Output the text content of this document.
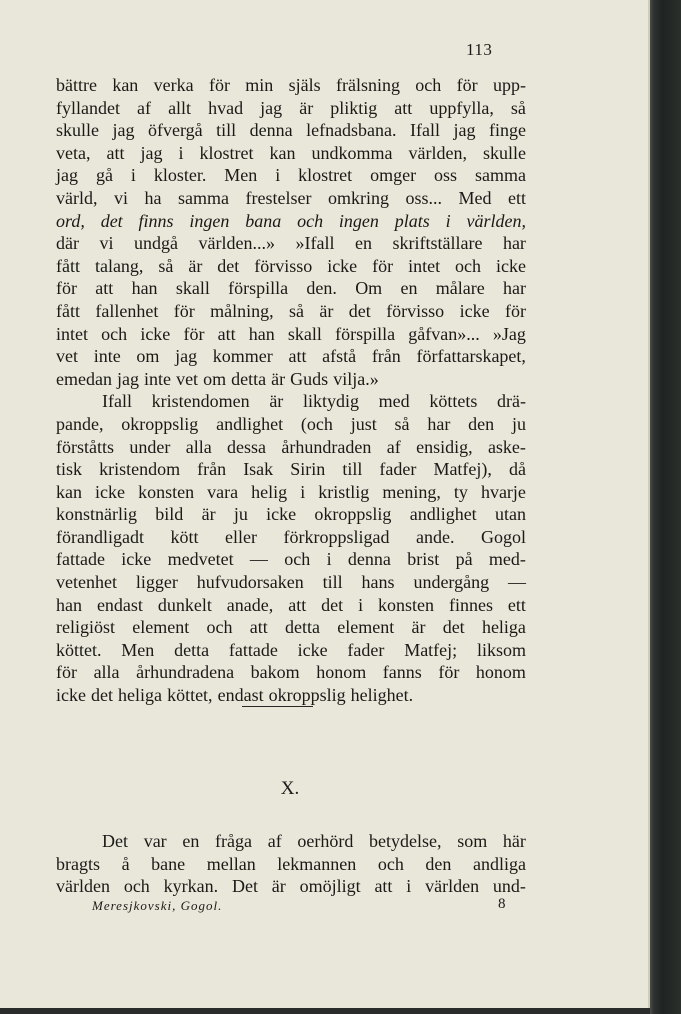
113
bättre kan verka för min själs frälsning och för upp-
fyllandet af allt hvad jag är pliktig att uppfylla, så
skulle jag öfvergå till denna lefnadsbana. Ifall jag finge
veta, att jag i klostret kan undkomma världen, skulle
jag gå i kloster. Men i klostret omger oss samma
värld, vi ha samma frestelser omkring oss... Med ett
ord, det finns ingen bana och ingen plats i världen,
där vi undgå världen...» »Ifall en skriftställare har
fått talang, så är det förvisso icke för intet och icke
för att han skall förspilla den. Om en målare har
fått fallenhet för målning, så är det förvisso icke för
intet och icke för att han skall förspilla gåfvan»... »Jag
vet inte om jag kommer att afstå från författarskapet,
emedan jag inte vet om detta är Guds vilja.»
Ifall kristendomen är liktydig med köttets drä-
pande, okroppslig andlighet (och just så har den ju
förståtts under alla dessa århundraden af ensidig, aske-
tisk kristendom från Isak Sirin till fader Matfej), då
kan icke konsten vara helig i kristlig mening, ty hvarje
konstnärlig bild är ju icke okroppslig andlighet utan
förandligadt kött eller förkroppsligad ande. Gogol
fattade icke medvetet — och i denna brist på med-
vetenhet ligger hufvudorsaken till hans undergång —
han endast dunkelt anade, att det i konsten finnes ett
religiöst element och att detta element är det heliga
köttet. Men detta fattade icke fader Matfej; liksom
för alla århundradena bakom honom fanns för honom
icke det heliga köttet, endast okroppslig helighet.
X.
Det var en fråga af oerhörd betydelse, som här
bragts å bane mellan lekmannen och den andliga
världen och kyrkan. Det är omöjligt att i världen und-
Meresjkovski, Gogol.	8
